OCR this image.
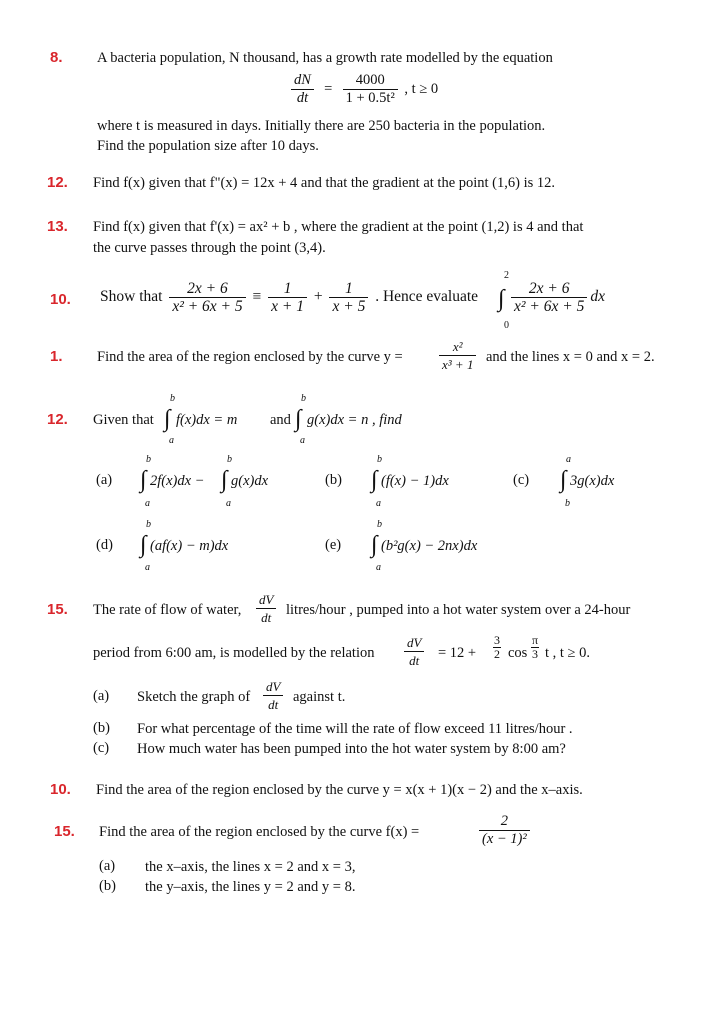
8. A bacteria population, N thousand, has a growth rate modelled by the equation
$\frac{dN}{dt} = \frac{4000}{\text{1 + 0.5t²}}$ , t ≥ 0
where t is measured in days. Initially there are 250 bacteria in the population.
Find the population size after 10 days.
12. Find f(x) given that f"(x) = 12x + 4 and that the gradient at the point (1,6) is 12.
13. Find f(x) given that f'(x) = ax² + b , where the gradient at the point (1,2) is 4 and that
the curve passes through the point (3,4).
10. Show that $\frac{2x + 6}{\text{x² + 6x + 5}} \equiv \frac{1}{x + 1} + \frac{1}{x + 5}$ . Hence evaluate
2
∫
0
$\frac{2x + 6}{\text{x² + 6x + 5}}$ dx
1. Find the area of the region enclosed by the curve y =	$\frac{\text{x²}}{\text{x³ + 1}}$ and the lines x = 0 and x = 2.
12. Given that
b
∫
a
f(x)dx = m and
b
∫
a
g(x)dx = n , find
(a)
b
∫
a
2f(x)dx −
b
∫
a
g(x)dx	(b)
b
∫
a
(f(x) − 1)dx	(c)
a
∫
b
3g(x)dx
(d)
b
∫
a
(af(x) − m)dx	(e)
b
∫
a
(b²g(x) − 2nx)dx
15. The rate of flow of water, $\frac{dV}{dt}$ litres/hour , pumped into a hot water system over a 24-hour
period from 6:00 am, is modelled by the relation $\frac{dV}{dt} = 12 + \frac{3}{2}$ $\cos \frac{\pi}{3}$ t , t ≥ 0.
(a) Sketch the graph of $\frac{dV}{dt}$ against t.
(b) For what percentage of the time will the rate of flow exceed 11 litres/hour .
(c) How much water has been pumped into the hot water system by 8:00 am?
10. Find the area of the region enclosed by the curve y = x(x + 1)(x − 2) and the x–axis.
15. Find the area of the region enclosed by the curve f(x) =	$\frac{2}{\text{(x − 1)²}}$
(a) the x–axis, the lines x = 2 and x = 3,
(b) the y–axis, the lines y = 2 and y = 8.
